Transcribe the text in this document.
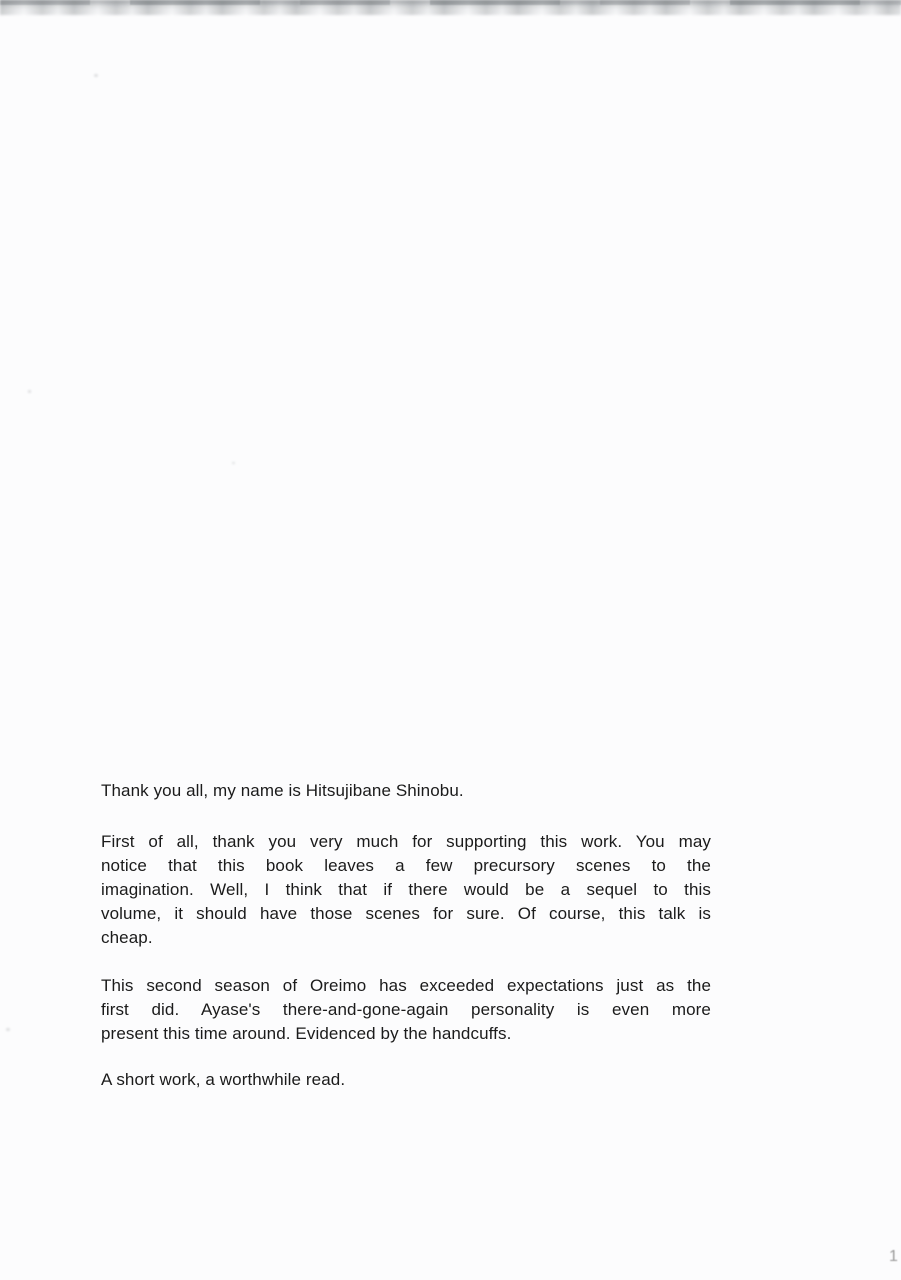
Thank you all, my name is Hitsujibane Shinobu.

First of all, thank you very much for supporting this work. You may
notice that this book leaves a few precursory scenes to the
imagination. Well, I think that if there would be a sequel to this
volume, it should have those scenes for sure. Of course, this talk is
cheap.

This second season of Oreimo has exceeded expectations just as the
first did. Ayase's there-and-gone-again personality is even more
present this time around. Evidenced by the handcuffs.

A short work, a worthwhile read.

1
